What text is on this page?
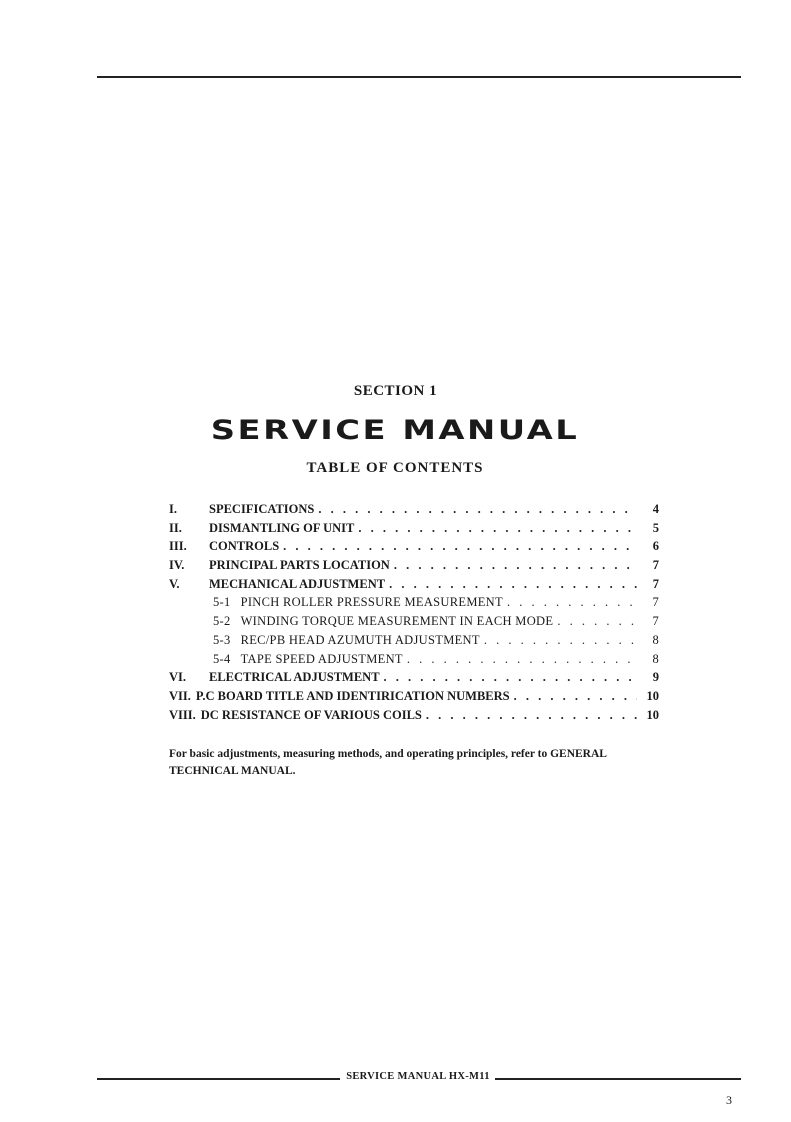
SECTION 1
SERVICE MANUAL
TABLE OF CONTENTS
I.	SPECIFICATIONS . . .	4
II.	DISMANTLING OF UNIT . . .	5
III.	CONTROLS . . .	6
IV.	PRINCIPAL PARTS LOCATION . . .	7
V.	MECHANICAL ADJUSTMENT . . .	7
5-1 PINCH ROLLER PRESSURE MEASUREMENT . . .	7
5-2 WINDING TORQUE MEASUREMENT IN EACH MODE . . .	7
5-3 REC/PB HEAD AZUMUTH ADJUSTMENT . . .	8
5-4 TAPE SPEED ADJUSTMENT . . .	8
VI.	ELECTRICAL ADJUSTMENT . . .	9
VII. P.C BOARD TITLE AND IDENTIRICATION NUMBERS . . .	10
VIII. DC RESISTANCE OF VARIOUS COILS . . .	10
For basic adjustments, measuring methods, and operating principles, refer to GENERAL TECHNICAL MANUAL.
SERVICE MANUAL HX-M11
3
